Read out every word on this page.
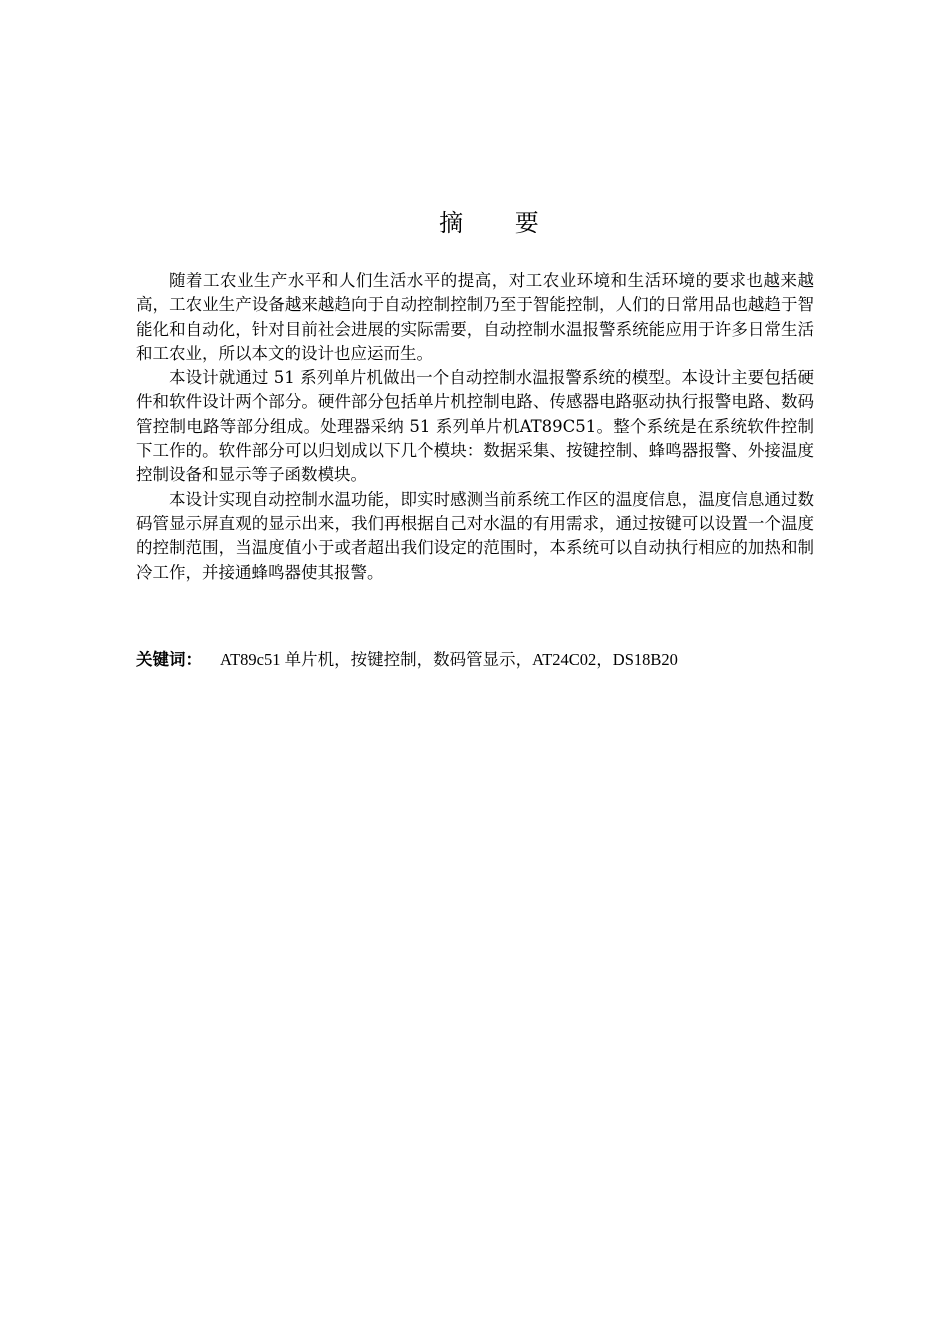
摘 要

随着工农业生产水平和人们生活水平的提高，对工农业环境和生活环境的要求也越来越高，工农业生产设备越来越趋向于自动控制控制乃至于智能控制，人们的日常用品也越趋于智能化和自动化，针对目前社会进展的实际需要，自动控制水温报警系统能应用于许多日常生活和工农业，所以本文的设计也应运而生。

本设计就通过 51 系列单片机做出一个自动控制水温报警系统的模型。本设计主要包括硬件和软件设计两个部分。硬件部分包括单片机控制电路、传感器电路驱动执行报警电路、数码管控制电路等部分组成。处理器采纳 51 系列单片机AT89C51。整个系统是在系统软件控制下工作的。软件部分可以归划成以下几个模块：数据采集、按键控制、蜂鸣器报警、外接温度控制设备和显示等子函数模块。

本设计实现自动控制水温功能，即实时感测当前系统工作区的温度信息，温度信息通过数码管显示屏直观的显示出来，我们再根据自己对水温的有用需求，通过按键可以设置一个温度的控制范围，当温度值小于或者超出我们设定的范围时，本系统可以自动执行相应的加热和制冷工作，并接通蜂鸣器使其报警。

关键词： AT89c51 单片机，按键控制，数码管显示，AT24C02，DS18B20
